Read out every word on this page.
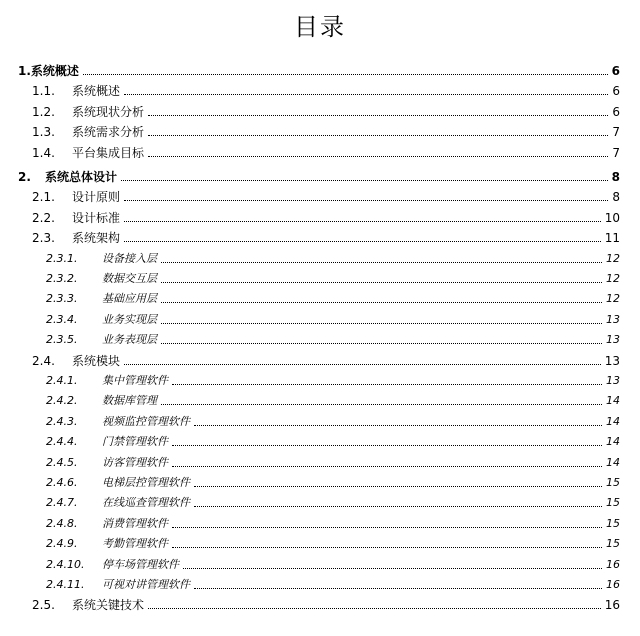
目录
1. 系统概述	6
1.1.	系统概述	6
1.2.	系统现状分析	6
1.3.	系统需求分析	7
1.4.	平台集成目标	7
2.	系统总体设计	8
2.1.	设计原则	8
2.2.	设计标准	10
2.3.	系统架构	11
2.3.1.	设备接入层	12
2.3.2.	数据交互层	12
2.3.3.	基础应用层	12
2.3.4.	业务实现层	13
2.3.5.	业务表现层	13
2.4.	系统模块	13
2.4.1.	集中管理软件	13
2.4.2.	数据库管理	14
2.4.3.	视频监控管理软件	14
2.4.4.	门禁管理软件	14
2.4.5.	访客管理软件	14
2.4.6.	电梯层控管理软件	15
2.4.7.	在线巡查管理软件	15
2.4.8.	消费管理软件	15
2.4.9.	考勤管理软件	15
2.4.10.	停车场管理软件	16
2.4.11.	可视对讲管理软件	16
2.5.	系统关键技术	16
